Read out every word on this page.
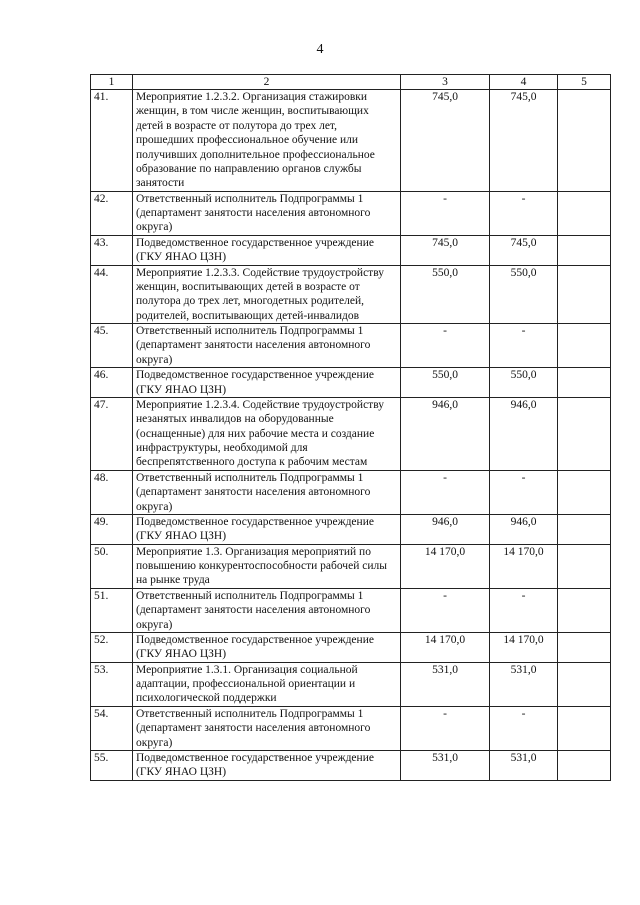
4
1	2	3	4	5
41.	Мероприятие 1.2.3.2. Организация стажировки женщин, в том числе женщин, воспитывающих детей в возрасте от полутора до трех лет, прошедших профессиональное обучение или получивших дополнительное профессиональное образование по направлению органов службы занятости	745,0	745,0	
42.	Ответственный исполнитель Подпрограммы 1 (департамент занятости населения автономного округа)	-	-	
43.	Подведомственное государственное учреждение (ГКУ ЯНАО ЦЗН)	745,0	745,0	
44.	Мероприятие 1.2.3.3. Содействие трудоустройству женщин, воспитывающих детей в возрасте от полутора до трех лет, многодетных родителей, родителей, воспитывающих детей-инвалидов	550,0	550,0	
45.	Ответственный исполнитель Подпрограммы 1 (департамент занятости населения автономного округа)	-	-	
46.	Подведомственное государственное учреждение (ГКУ ЯНАО ЦЗН)	550,0	550,0	
47.	Мероприятие 1.2.3.4. Содействие трудоустройству незанятых инвалидов на оборудованные (оснащенные) для них рабочие места и создание инфраструктуры, необходимой для беспрепятственного доступа к рабочим местам	946,0	946,0	
48.	Ответственный исполнитель Подпрограммы 1 (департамент занятости населения автономного округа)	-	-	
49.	Подведомственное государственное учреждение (ГКУ ЯНАО ЦЗН)	946,0	946,0	
50.	Мероприятие 1.3. Организация мероприятий по повышению конкурентоспособности рабочей силы на рынке труда	14 170,0	14 170,0	
51.	Ответственный исполнитель Подпрограммы 1 (департамент занятости населения автономного округа)	-	-	
52.	Подведомственное государственное учреждение (ГКУ ЯНАО ЦЗН)	14 170,0	14 170,0	
53.	Мероприятие 1.3.1. Организация социальной адаптации, профессиональной ориентации и психологической поддержки	531,0	531,0	
54.	Ответственный исполнитель Подпрограммы 1 (департамент занятости населения автономного округа)	-	-	
55.	Подведомственное государственное учреждение (ГКУ ЯНАО ЦЗН)	531,0	531,0	
